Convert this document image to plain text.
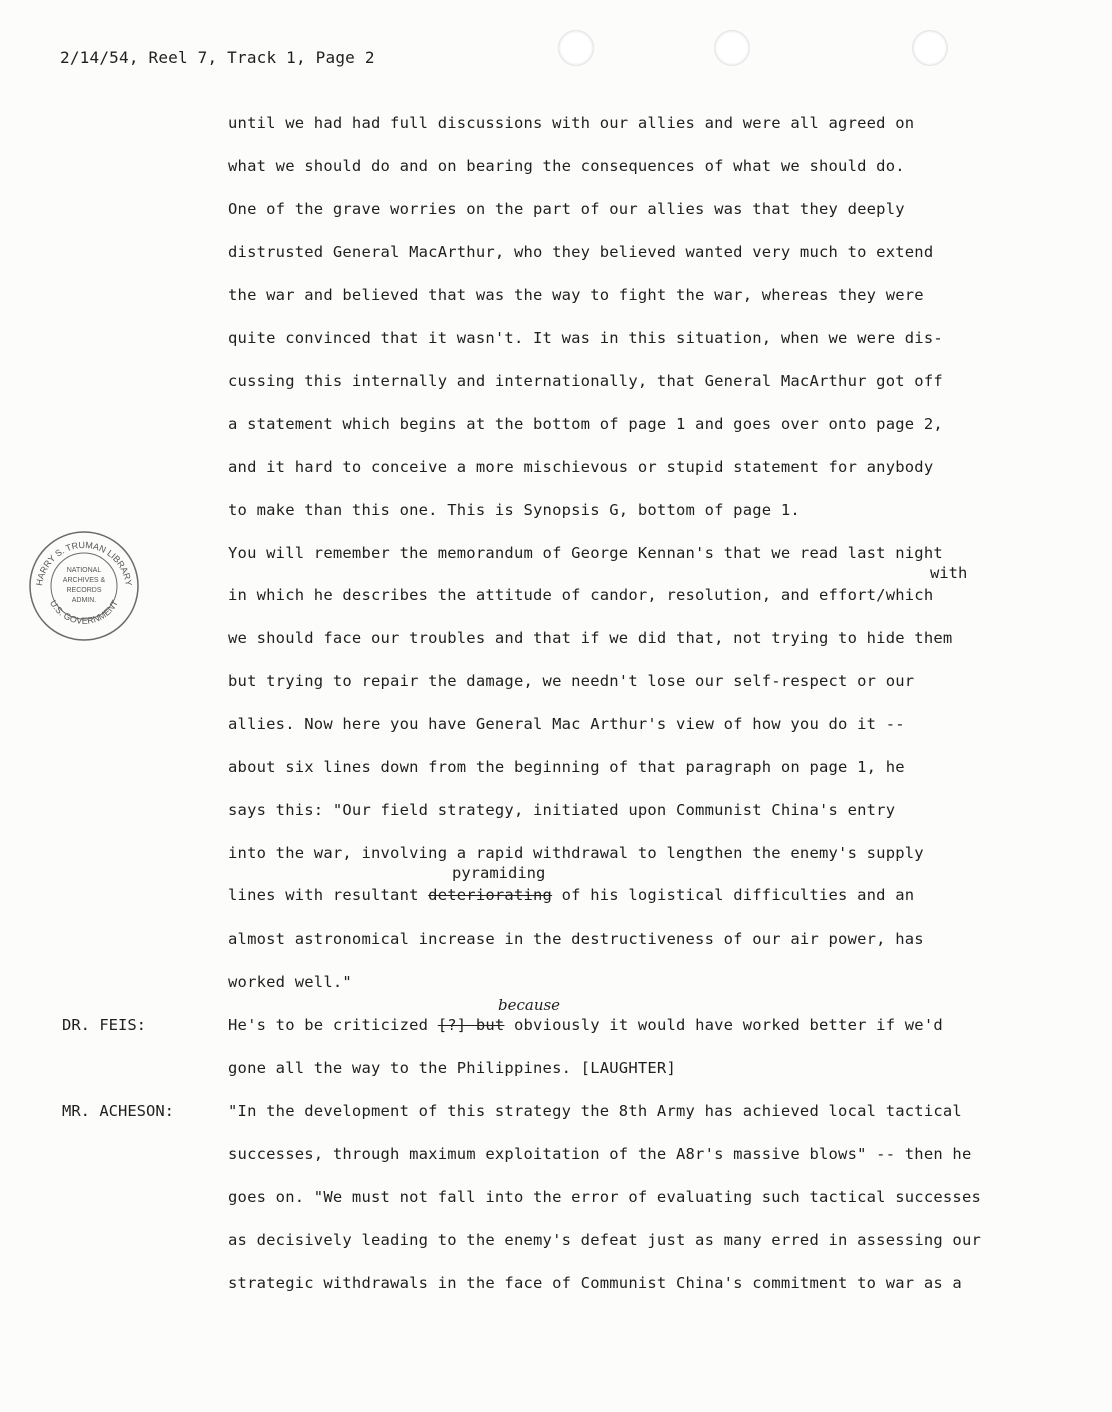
2/14/54, Reel 7, Track 1, Page 2
until we had had full discussions with our allies and were all agreed on
what we should do and on bearing the consequences of what we should do.
One of the grave worries on the part of our allies was that they deeply
distrusted General MacArthur, who they believed wanted very much to extend
the war and believed that was the way to fight the war, whereas they were
quite convinced that it wasn't. It was in this situation, when we were dis-
cussing this internally and internationally, that General MacArthur got off
a statement which begins at the bottom of page 1 and goes over onto page 2,
and it hard to conceive a more mischievous or stupid statement for anybody
to make than this one. This is Synopsis G, bottom of page 1.
You will remember the memorandum of George Kennan's that we read last night
with
in which he describes the attitude of candor, resolution, and effort/which
we should face our troubles and that if we did that, not trying to hide them
but trying to repair the damage, we needn't lose our self-respect or our
allies. Now here you have General Mac Arthur's view of how you do it --
about six lines down from the beginning of that paragraph on page 1, he
says this: "Our field strategy, initiated upon Communist China's entry
into the war, involving a rapid withdrawal to lengthen the enemy's supply
pyramiding
lines with resultant deteriorating of his logistical difficulties and an
almost astronomical increase in the destructiveness of our air power, has
worked well."
DR. FEIS:
because
He's to be criticized [?] but obviously it would have worked better if we'd
gone all the way to the Philippines. [LAUGHTER]
MR. ACHESON:	"In the development of this strategy the 8th Army has achieved local tactical
successes, through maximum exploitation of the A8r's massive blows" -- then he
goes on. "We must not fall into the error of evaluating such tactical successes
as decisively leading to the enemy's defeat just as many erred in assessing our
strategic withdrawals in the face of Communist China's commitment to war as a
HARRY S. TRUMAN LIBRARY
U.S. GOVERNMENT
NATIONAL
ARCHIVES &
RECORDS
ADMIN.
